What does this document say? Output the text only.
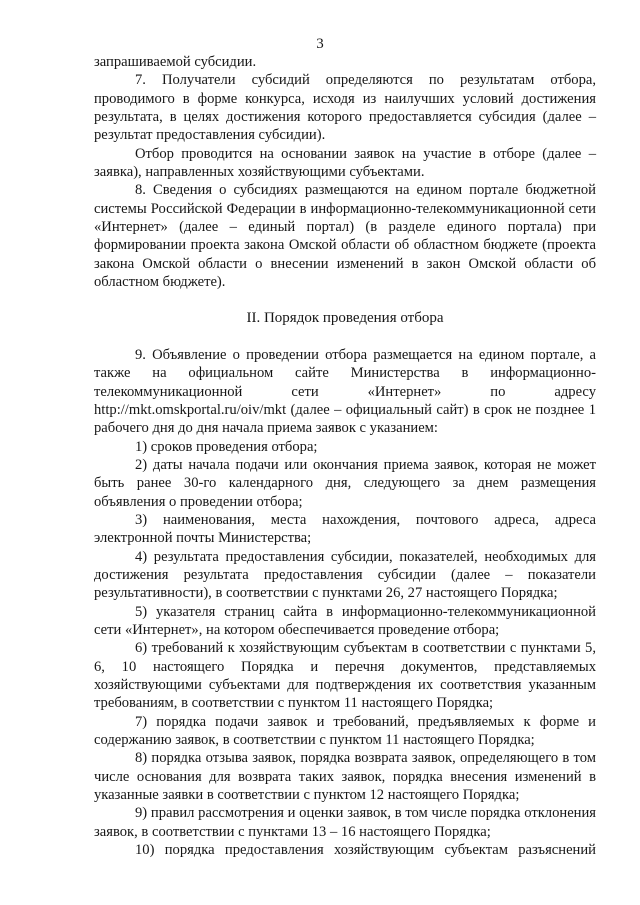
3

запрашиваемой субсидии.

7. Получатели субсидий определяются по результатам отбора, проводимого в форме конкурса, исходя из наилучших условий достижения результата, в целях достижения которого предоставляется субсидия (далее – результат предоставления субсидии).

Отбор проводится на основании заявок на участие в отборе (далее – заявка), направленных хозяйствующими субъектами.

8. Сведения о субсидиях размещаются на едином портале бюджетной системы Российской Федерации в информационно-телекоммуникационной сети «Интернет» (далее – единый портал) (в разделе единого портала) при формировании проекта закона Омской области об областном бюджете (проекта закона Омской области о внесении изменений в закон Омской области об областном бюджете).

II. Порядок проведения отбора

9. Объявление о проведении отбора размещается на едином портале, а также на официальном сайте Министерства в информационно-телекоммуникационной сети «Интернет» по адресу http://mkt.omskportal.ru/oiv/mkt (далее – официальный сайт) в срок не позднее 1 рабочего дня до дня начала приема заявок с указанием:

1) сроков проведения отбора;

2) даты начала подачи или окончания приема заявок, которая не может быть ранее 30-го календарного дня, следующего за днем размещения объявления о проведении отбора;

3) наименования, места нахождения, почтового адреса, адреса электронной почты Министерства;

4) результата предоставления субсидии, показателей, необходимых для достижения результата предоставления субсидии (далее – показатели результативности), в соответствии с пунктами 26, 27 настоящего Порядка;

5) указателя страниц сайта в информационно-телекоммуникационной сети «Интернет», на котором обеспечивается проведение отбора;

6) требований к хозяйствующим субъектам в соответствии с пунктами 5, 6, 10 настоящего Порядка и перечня документов, представляемых хозяйствующими субъектами для подтверждения их соответствия указанным требованиям, в соответствии с пунктом 11 настоящего Порядка;

7) порядка подачи заявок и требований, предъявляемых к форме и содержанию заявок, в соответствии с пунктом 11 настоящего Порядка;

8) порядка отзыва заявок, порядка возврата заявок, определяющего в том числе основания для возврата таких заявок, порядка внесения изменений в указанные заявки в соответствии с пунктом 12 настоящего Порядка;

9) правил рассмотрения и оценки заявок, в том числе порядка отклонения заявок, в соответствии с пунктами 13 – 16 настоящего Порядка;

10) порядка предоставления хозяйствующим субъектам разъяснений
